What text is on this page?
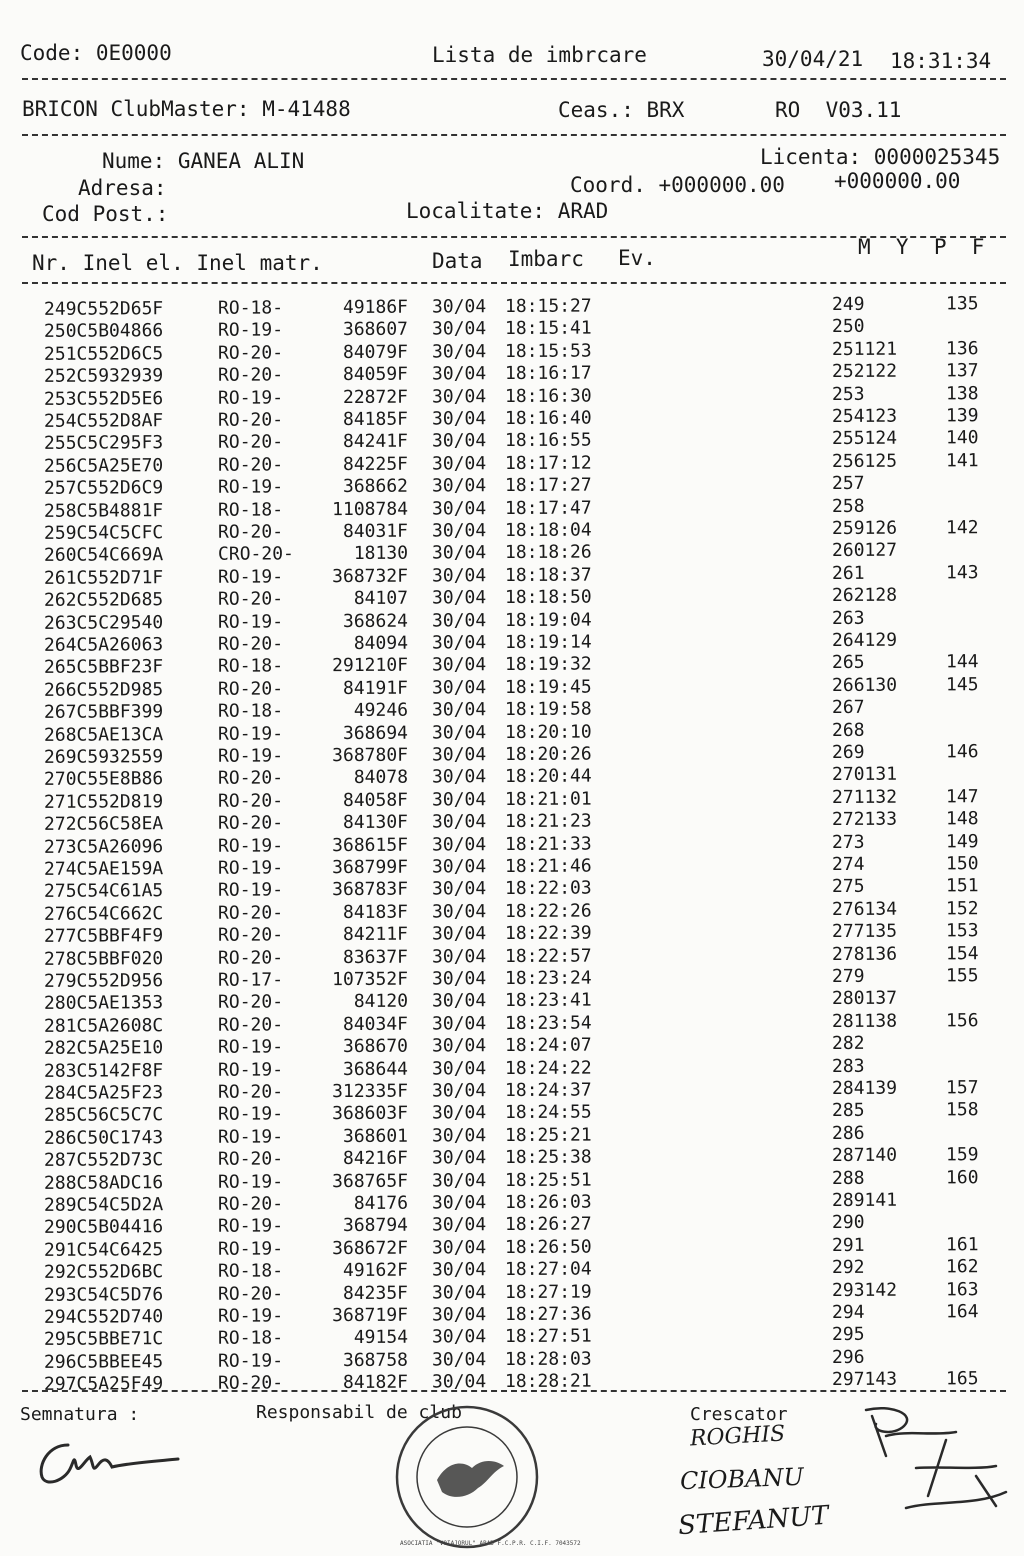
Code: 0E0000	Lista de imbrcare	30/04/21 18:31:34
BRICON ClubMaster: M-41488	Ceas.: BRX	RO  V03.11
Nume: GANEA ALIN	Licenta: 0000025345
Adresa:	Coord. +000000.00 +000000.00
Cod Post.:	Localitate: ARAD
Nr. Inel el. Inel matr.	Data Imbarc Ev.	M  Y  P  F
249C552D65F	RO-18-	49186F 30/04 18:15:27	249	135
250C5B04866	RO-19-	368607 30/04 18:15:41	250
251C552D6C5	RO-20-	84079F 30/04 18:15:53	251121	136
252C5932939	RO-20-	84059F 30/04 18:16:17	252122	137
253C552D5E6	RO-19-	22872F 30/04 18:16:30	253	138
254C552D8AF	RO-20-	84185F 30/04 18:16:40	254123	139
255C5C295F3	RO-20-	84241F 30/04 18:16:55	255124	140
256C5A25E70	RO-20-	84225F 30/04 18:17:12	256125	141
257C552D6C9	RO-19-	368662 30/04 18:17:27	257
258C5B4881F	RO-18-	1108784 30/04 18:17:47	258
259C54C5CFC	RO-20-	84031F 30/04 18:18:04	259126	142
260C54C669A	CRO-20-	18130 30/04 18:18:26	260127
261C552D71F	RO-19-	368732F 30/04 18:18:37	261	143
262C552D685	RO-20-	84107 30/04 18:18:50	262128
263C5C29540	RO-19-	368624 30/04 18:19:04	263
264C5A26063	RO-20-	84094 30/04 18:19:14	264129
265C5BBF23F	RO-18-	291210F 30/04 18:19:32	265	144
266C552D985	RO-20-	84191F 30/04 18:19:45	266130	145
267C5BBF399	RO-18-	49246 30/04 18:19:58	267
268C5AE13CA	RO-19-	368694 30/04 18:20:10	268
269C5932559	RO-19-	368780F 30/04 18:20:26	269	146
270C55E8B86	RO-20-	84078 30/04 18:20:44	270131
271C552D819	RO-20-	84058F 30/04 18:21:01	271132	147
272C56C58EA	RO-20-	84130F 30/04 18:21:23	272133	148
273C5A26096	RO-19-	368615F 30/04 18:21:33	273	149
274C5AE159A	RO-19-	368799F 30/04 18:21:46	274	150
275C54C61A5	RO-19-	368783F 30/04 18:22:03	275	151
276C54C662C	RO-20-	84183F 30/04 18:22:26	276134	152
277C5BBF4F9	RO-20-	84211F 30/04 18:22:39	277135	153
278C5BBF020	RO-20-	83637F 30/04 18:22:57	278136	154
279C552D956	RO-17-	107352F 30/04 18:23:24	279	155
280C5AE1353	RO-20-	84120 30/04 18:23:41	280137
281C5A2608C	RO-20-	84034F 30/04 18:23:54	281138	156
282C5A25E10	RO-19-	368670 30/04 18:24:07	282
283C5142F8F	RO-19-	368644 30/04 18:24:22	283
284C5A25F23	RO-20-	312335F 30/04 18:24:37	284139	157
285C56C5C7C	RO-19-	368603F 30/04 18:24:55	285	158
286C50C1743	RO-19-	368601 30/04 18:25:21	286
287C552D73C	RO-20-	84216F 30/04 18:25:38	287140	159
288C58ADC16	RO-19-	368765F 30/04 18:25:51	288	160
289C54C5D2A	RO-20-	84176 30/04 18:26:03	289141
290C5B04416	RO-19-	368794 30/04 18:26:27	290
291C54C6425	RO-19-	368672F 30/04 18:26:50	291	161
292C552D6BC	RO-18-	49162F 30/04 18:27:04	292	162
293C54C5D76	RO-20-	84235F 30/04 18:27:19	293142	163
294C552D740	RO-19-	368719F 30/04 18:27:36	294	164
295C5BBE71C	RO-18-	49154 30/04 18:27:51	295
296C5BBEE45	RO-19-	368758 30/04 18:28:03	296
297C5A25F49	RO-20-	84182F 30/04 18:28:21	297143	165
Semnatura :	Responsabil de club	Crescator
ASOCIATIA "VOIAJORUL" ARAD F.C.P.R. C.I.F. 7043572
ROGHIS
CIOBANU
STEFANUT
